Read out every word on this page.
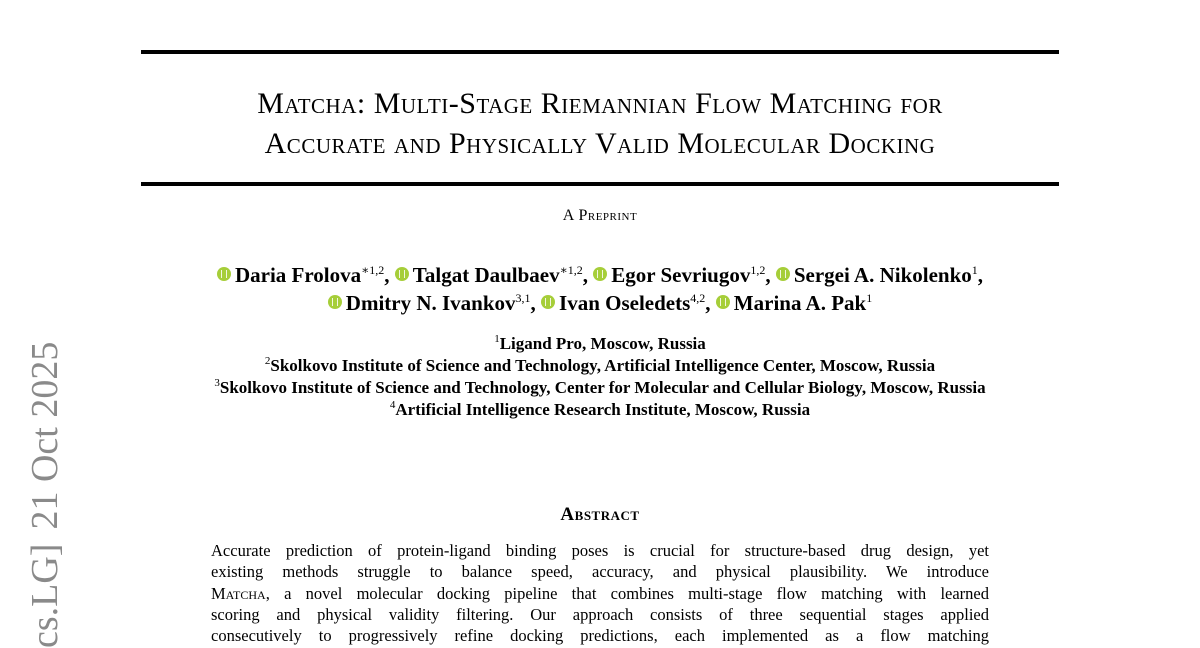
Matcha: Multi-Stage Riemannian Flow Matching for
Accurate and Physically Valid Molecular Docking
A Preprint
Daria Frolova$^{∗1,2}$, Talgat Daulbaev$^{∗1,2}$, Egor Sevriugov$^{1,2}$, Sergei A. Nikolenko$^1$,
Dmitry N. Ivankov$^{3,1}$, Ivan Oseledets$^{4,2}$, Marina A. Pak$^1$
$^1$Ligand Pro, Moscow, Russia
$^2$Skolkovo Institute of Science and Technology, Artificial Intelligence Center, Moscow, Russia
$^3$Skolkovo Institute of Science and Technology, Center for Molecular and Cellular Biology, Moscow, Russia
$^4$Artificial Intelligence Research Institute, Moscow, Russia
Abstract
Accurate prediction of protein-ligand binding poses is crucial for structure-based drug design, yet
existing methods struggle to balance speed, accuracy, and physical plausibility. We introduce
Matcha, a novel molecular docking pipeline that combines multi-stage flow matching with learned
scoring and physical validity filtering. Our approach consists of three sequential stages applied
consecutively to progressively refine docking predictions, each implemented as a flow matching
cs.LG]21 Oct 2025
